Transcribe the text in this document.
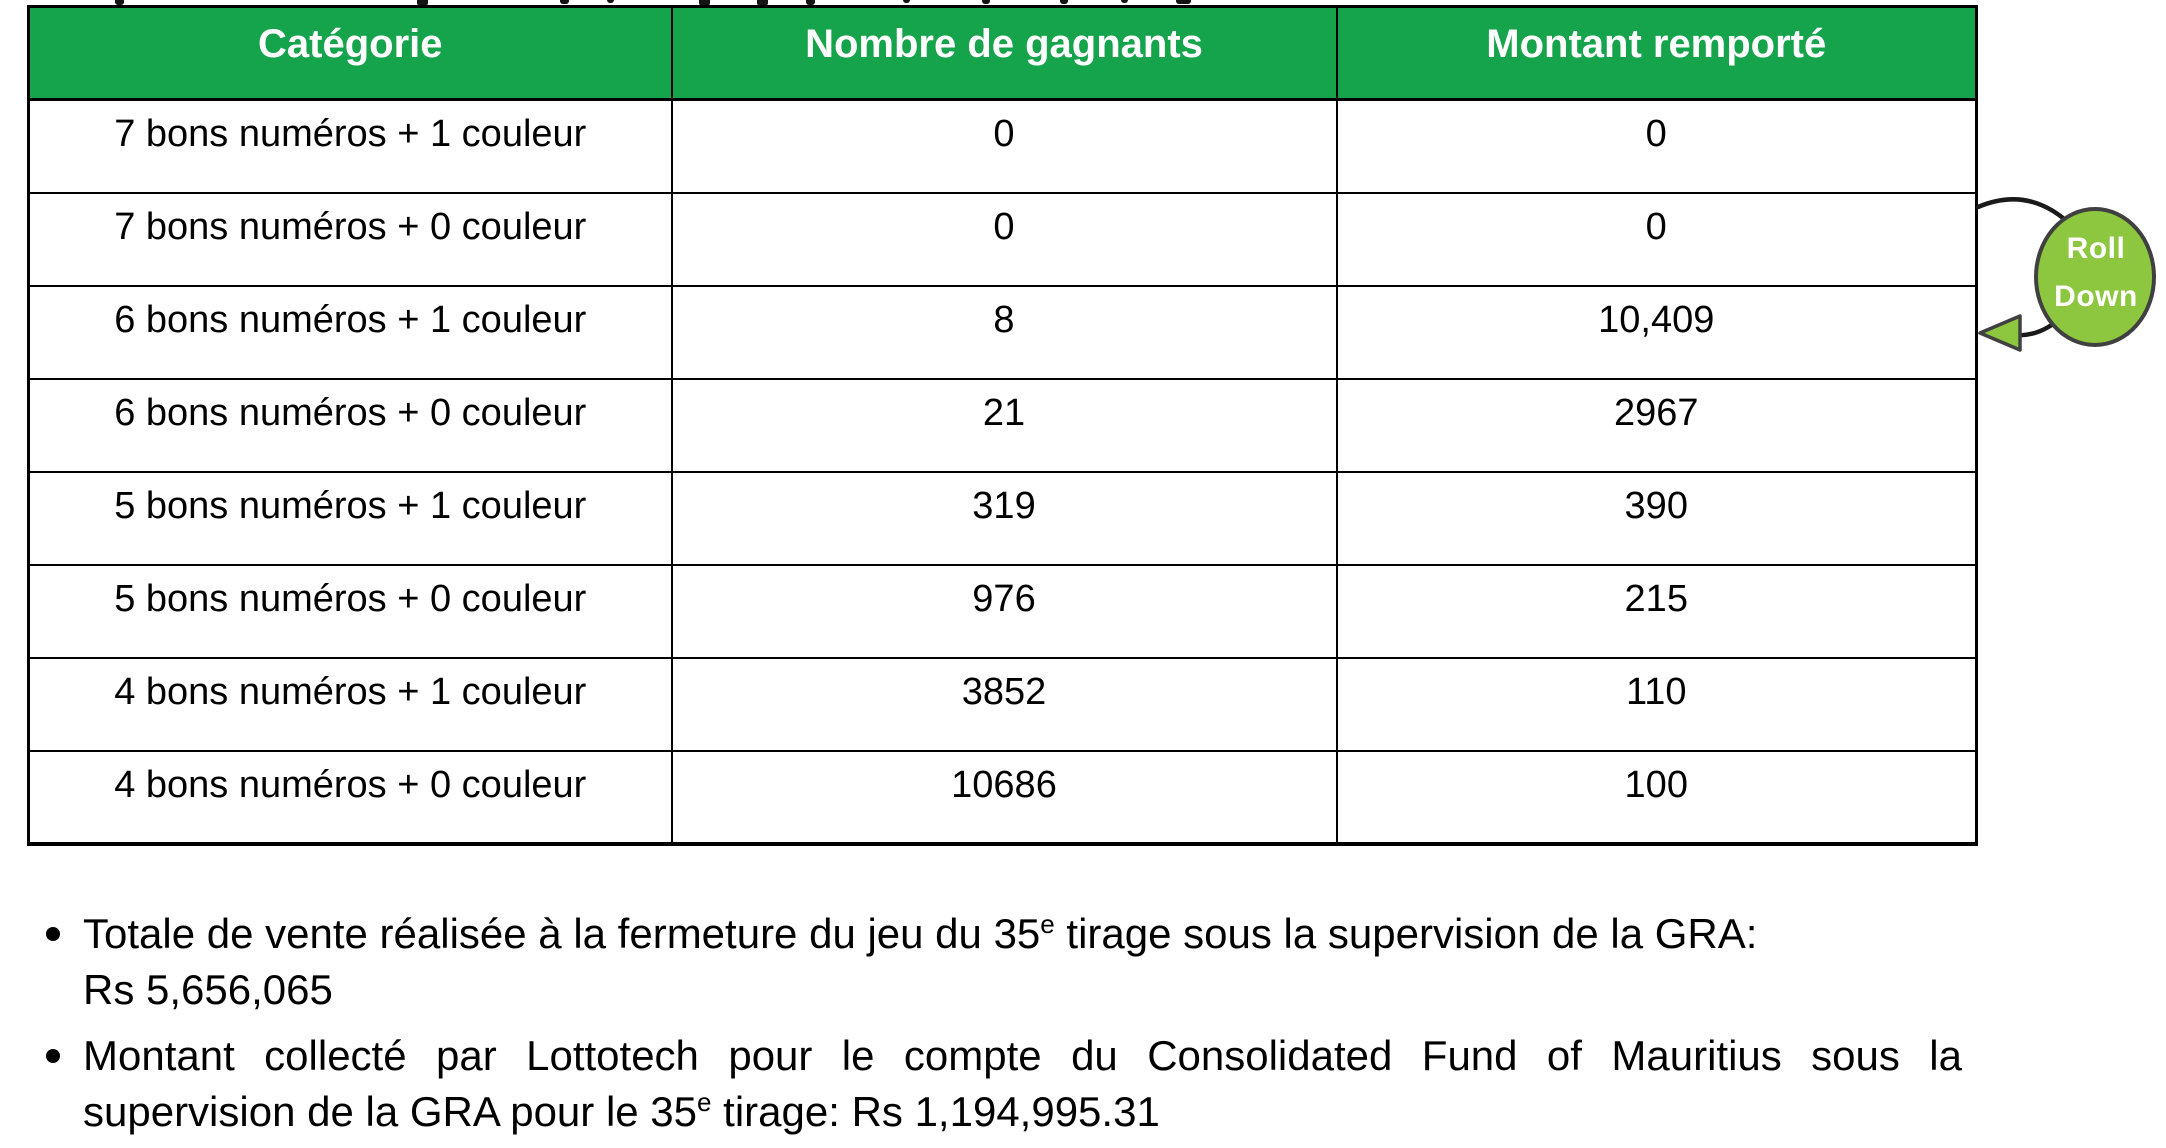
Catégorie	Nombre de gagnants	Montant remporté
7 bons numéros + 1 couleur	0	0
7 bons numéros + 0 couleur	0	0
6 bons numéros + 1 couleur	8	10,409
6 bons numéros + 0 couleur	21	2967
5 bons numéros + 1 couleur	319	390
5 bons numéros + 0 couleur	976	215
4 bons numéros + 1 couleur	3852	110
4 bons numéros + 0 couleur	10686	100
Roll
Down
Totale de vente réalisée à la fermeture du jeu du 35e tirage sous la supervision de la GRA:
Rs 5,656,065
Montant collecté par Lottotech pour le compte du Consolidated Fund of Mauritius sous la
supervision de la GRA pour le 35e tirage: Rs 1,194,995.31
